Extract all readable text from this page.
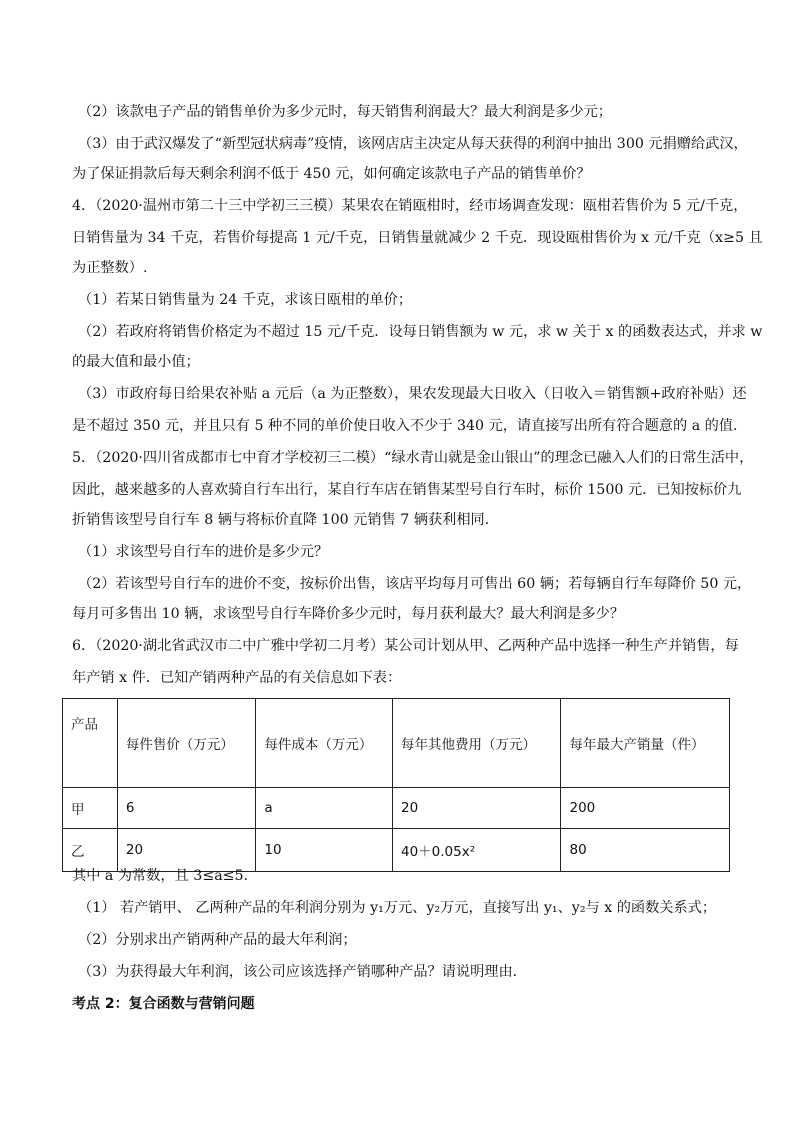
（2）该款电子产品的销售单价为多少元时，每天销售利润最大？最大利润是多少元；
（3）由于武汉爆发了“新型冠状病毒”疫情，该网店店主决定从每天获得的利润中抽出 300 元捐赠给武汉，
为了保证捐款后每天剩余利润不低于 450 元，如何确定该款电子产品的销售单价？
4．（2020·温州市第二十三中学初三三模）某果农在销瓯柑时，经市场调查发现：瓯柑若售价为 5 元/千克，
日销售量为 34 千克，若售价每提高 1 元/千克，日销售量就减少 2 千克．现设瓯柑售价为 x 元/千克（x≥5 且
为正整数）.
（1）若某日销售量为 24 千克，求该日瓯柑的单价；
（2）若政府将销售价格定为不超过 15 元/千克．设每日销售额为 w 元，求 w 关于 x 的函数表达式，并求 w
的最大值和最小值；
（3）市政府每日给果农补贴 a 元后（a 为正整数），果农发现最大日收入（日收入＝销售额+政府补贴）还
是不超过 350 元，并且只有 5 种不同的单价使日收入不少于 340 元，请直接写出所有符合题意的 a 的值．
5．（2020·四川省成都市七中育才学校初三二模）“绿水青山就是金山银山”的理念已融入人们的日常生活中，
因此，越来越多的人喜欢骑自行车出行，某自行车店在销售某型号自行车时，标价 1500 元．已知按标价九
折销售该型号自行车 8 辆与将标价直降 100 元销售 7 辆获利相同．
（1）求该型号自行车的进价是多少元？
（2）若该型号自行车的进价不变，按标价出售，该店平均每月可售出 60 辆；若每辆自行车每降价 50 元，
每月可多售出 10 辆，求该型号自行车降价多少元时，每月获利最大？最大利润是多少？
6．（2020·湖北省武汉市二中广雅中学初二月考）某公司计划从甲、乙两种产品中选择一种生产并销售，每
年产销 x 件．已知产销两种产品的有关信息如下表：
产品	每件售价（万元）	每件成本（万元）	每年其他费用（万元）	每年最大产销量（件）
甲	6	a	20	200
乙	20	10	40＋0.05x²	80
其中 a 为常数，且 3≤a≤5．
（1） 若产销甲、 乙两种产品的年利润分别为 y₁万元、y₂万元，直接写出 y₁、y₂与 x 的函数关系式；
（2）分别求出产销两种产品的最大年利润；
（3）为获得最大年利润，该公司应该选择产销哪种产品？请说明理由．
考点 2：复合函数与营销问题
